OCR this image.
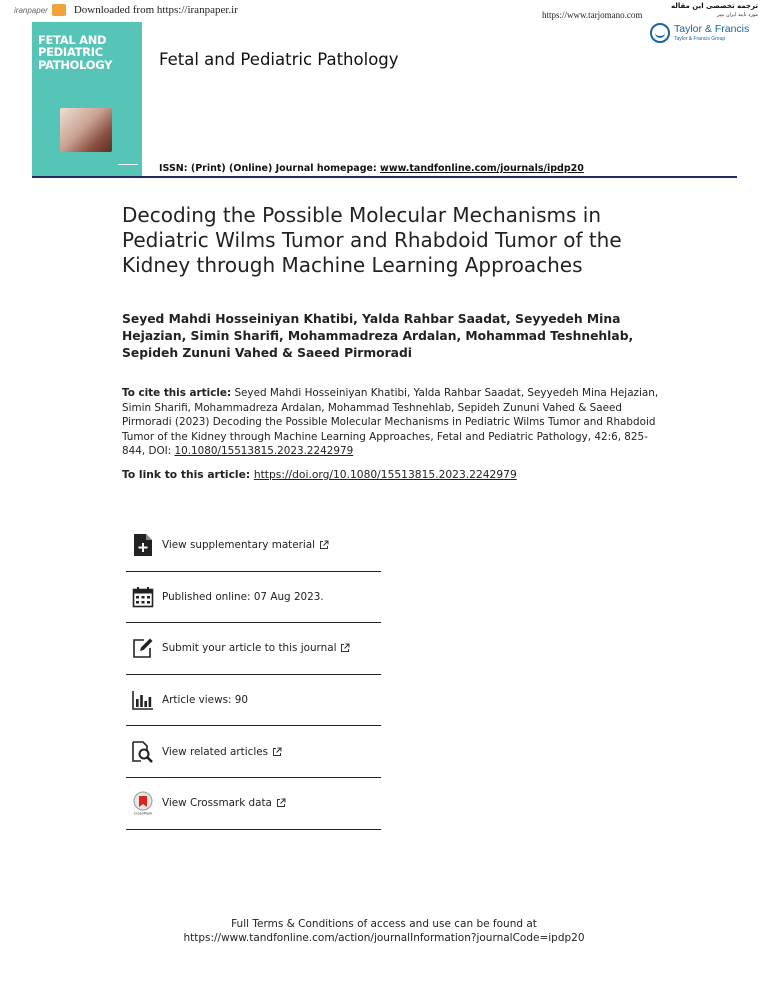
iranpaper Downloaded from https://iranpaper.ir	https://www.tarjomano.com
ترجمه تخصصی این مقاله
مورد تایید ایران پیپر
Taylor & Francis
Taylor & Francis Group
FETAL AND
PEDIATRIC
PATHOLOGY	Fetal and Pediatric Pathology
ISSN: (Print) (Online) Journal homepage: www.tandfonline.com/journals/ipdp20
Decoding the Possible Molecular Mechanisms in Pediatric Wilms Tumor and Rhabdoid Tumor of the Kidney through Machine Learning Approaches
Seyed Mahdi Hosseiniyan Khatibi, Yalda Rahbar Saadat, Seyyedeh Mina Hejazian, Simin Sharifi, Mohammadreza Ardalan, Mohammad Teshnehlab, Sepideh Zununi Vahed & Saeed Pirmoradi
To cite this article: Seyed Mahdi Hosseiniyan Khatibi, Yalda Rahbar Saadat, Seyyedeh Mina Hejazian, Simin Sharifi, Mohammadreza Ardalan, Mohammad Teshnehlab, Sepideh Zununi Vahed & Saeed Pirmoradi (2023) Decoding the Possible Molecular Mechanisms in Pediatric Wilms Tumor and Rhabdoid Tumor of the Kidney through Machine Learning Approaches, Fetal and Pediatric Pathology, 42:6, 825-844, DOI: 10.1080/15513815.2023.2242979
To link to this article: https://doi.org/10.1080/15513815.2023.2242979
View supplementary material
Published online: 07 Aug 2023.
Submit your article to this journal
Article views: 90
View related articles
CrossMark
View Crossmark data
Full Terms & Conditions of access and use can be found at
https://www.tandfonline.com/action/journalInformation?journalCode=ipdp20
